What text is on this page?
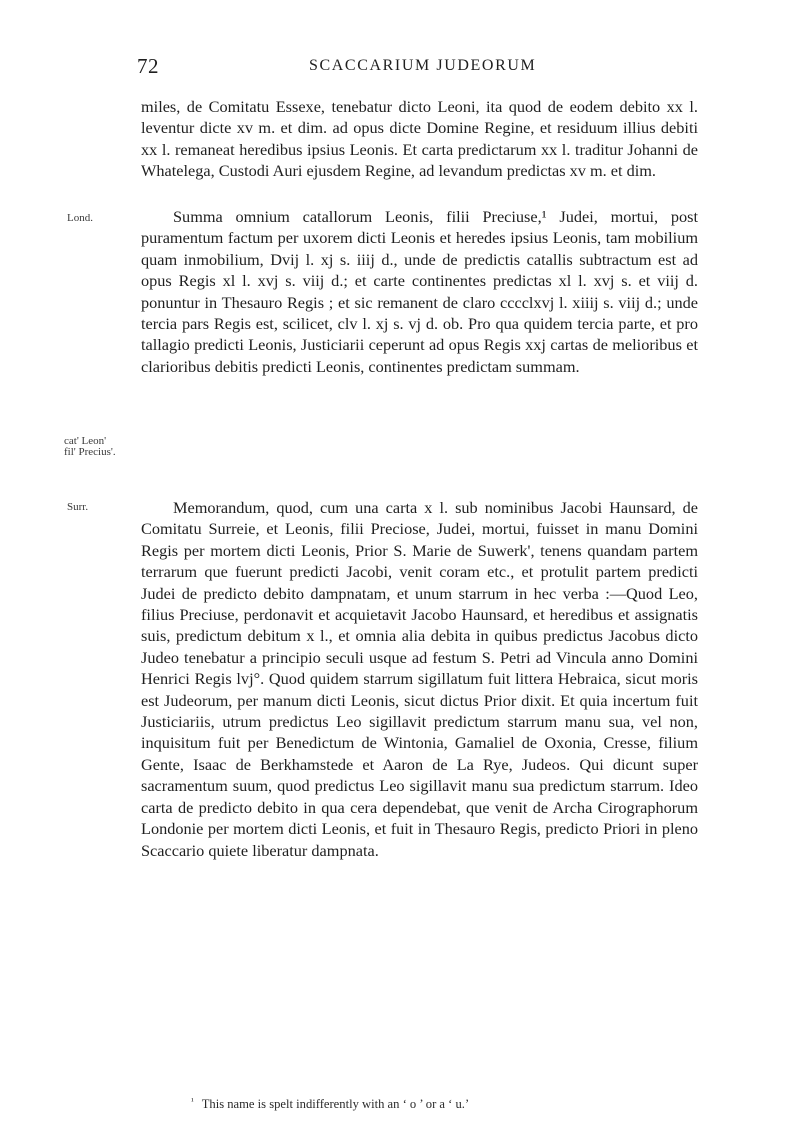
72	SCACCARIUM JUDEORUM
Lond.
cat' Leon'
fil' Precius'.
Surr.

miles, de Comitatu Essexe, tenebatur dicto Leoni, ita quod de eodem debito xx l. leventur dicte xv m. et dim. ad opus dicte Domine Regine, et residuum illius debiti xx l. remaneat heredibus ipsius Leonis. Et carta predictarum xx l. traditur Johanni de Whatelega, Custodi Auri ejusdem Regine, ad levandum predictas xv m. et dim.

Summa omnium catallorum Leonis, filii Preciuse,¹ Judei, mortui, post puramentum factum per uxorem dicti Leonis et heredes ipsius Leonis, tam mobilium quam inmobilium, Dvij l. xj s. iiij d., unde de predictis catallis subtractum est ad opus Regis xl l. xvj s. viij d.; et carte continentes predictas xl l. xvj s. et viij d. ponuntur in Thesauro Regis ; et sic remanent de claro cccclxvj l. xiiij s. viij d.; unde tercia pars Regis est, scilicet, clv l. xj s. vj d. ob. Pro qua quidem tercia parte, et pro tallagio predicti Leonis, Justiciarii ceperunt ad opus Regis xxj cartas de melioribus et clarioribus debitis predicti Leonis, continentes predictam summam.

Memorandum, quod, cum una carta x l. sub nominibus Jacobi Haunsard, de Comitatu Surreie, et Leonis, filii Preciose, Judei, mortui, fuisset in manu Domini Regis per mortem dicti Leonis, Prior S. Marie de Suwerk', tenens quandam partem terrarum que fuerunt predicti Jacobi, venit coram etc., et protulit partem predicti Judei de predicto debito dampnatam, et unum starrum in hec verba :—Quod Leo, filius Preciuse, perdonavit et acquietavit Jacobo Haunsard, et heredibus et assignatis suis, predictum debitum x l., et omnia alia debita in quibus predictus Jacobus dicto Judeo tenebatur a principio seculi usque ad festum S. Petri ad Vincula anno Domini Henrici Regis lvj°. Quod quidem starrum sigillatum fuit littera Hebraica, sicut moris est Judeorum, per manum dicti Leonis, sicut dictus Prior dixit. Et quia incertum fuit Justiciariis, utrum predictus Leo sigillavit predictum starrum manu sua, vel non, inquisitum fuit per Benedictum de Wintonia, Gamaliel de Oxonia, Cresse, filium Gente, Isaac de Berkhamstede et Aaron de La Rye, Judeos. Qui dicunt super sacramentum suum, quod predictus Leo sigillavit manu sua predictum starrum. Ideo carta de predicto debito in qua cera dependebat, que venit de Archa Cirographorum Londonie per mortem dicti Leonis, et fuit in Thesauro Regis, predicto Priori in pleno Scaccario quiete liberatur dampnata.

$^{^1}$ This name is spelt indifferently with an ‘ o ’ or a ‘ u.’
